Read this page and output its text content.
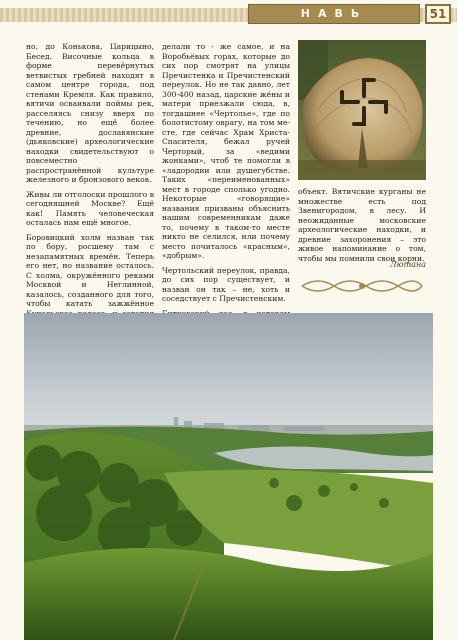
НАВЬ	51

но, до Конькова, Царицыно, Бесед. Височные кольца в форме перевёрнутых ветвистых гребней находят в самом центре города, под стенами Кремля. Как правило, вятичи осваивали поймы рек, расселяясь снизу вверх по течению, но ещё более древние, дославянские (дьяковские) археологические находки свидетельствуют о повсеместно распространённой культуре железного и бронзового веков.

Живы ли отголоски прошлого в сегодняшней Москве? Ещё как! Память человеческая осталась нам ещё многое.

Боровицкий холм назван так по бору, росшему там с незапамятных времён. Теперь его нет, но название осталось. С холма, окружённого реками Москвой и Неглинной, казалось, созданного для того, чтобы катать зажжённое

делали то - же самое, и на Воробьёвых горах, которые до сих пор смотрят на улицы Пречистенка и Пречистенский переулок. Но не так давно, лет 300-400 назад, царские жёны и матери приезжали сюда, в, тогдашнее «Чертолье», где по болотистому оврагу, на том месте, где сейчас Храм Христа-Спасителя, бежал ручей Черторый, за «ведими жонками», чтоб те помогли в «ладородии или душегубстве. Таких «переименованных» мест в городе сполько угодно. Некоторые «говорящие» названия призваны объяснить нашим современникам даже то, почему в таком-то месте никто не селился, или почему место почиталось «красным», «добрым».

Чертольский переулок, правда, до сих пор существует, и назван он так – не, хоть и соседствует с Пречистенским.

объект. Вятичские курганы не множестве есть под Звенигородом, в лесу. И неожиданные московские археологические находки, и древние захоронения – это живое напоминание о том, чтобы мы помнили свои корни.

Лютана
